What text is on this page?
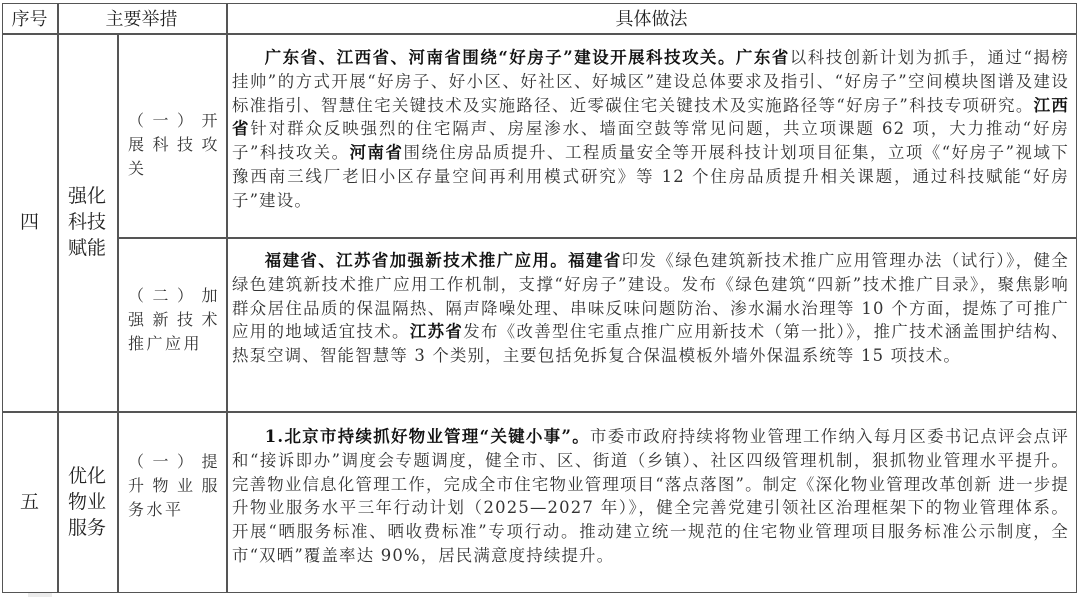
序号	主要举措	具体做法
四
强化
科技
赋能
（一）开展科技攻关
广东省、江西省、河南省围绕“好房子”建设开展科技攻关。广东省以科技创新计划为抓手，通过“揭榜挂帅”的方式开展“好房子、好小区、好社区、好城区”建设总体要求及指引、“好房子”空间模块图谱及建设标准指引、智慧住宅关键技术及实施路径、近零碳住宅关键技术及实施路径等“好房子”科技专项研究。江西省针对群众反映强烈的住宅隔声、房屋渗水、墙面空鼓等常见问题，共立项课题 62 项，大力推动“好房子”科技攻关。河南省围绕住房品质提升、工程质量安全等开展科技计划项目征集，立项《“好房子”视域下豫西南三线厂老旧小区存量空间再利用模式研究》等 12 个住房品质提升相关课题，通过科技赋能“好房子”建设。
（二）加强新技术推广应用
福建省、江苏省加强新技术推广应用。福建省印发《绿色建筑新技术推广应用管理办法（试行）》，健全绿色建筑新技术推广应用工作机制，支撑“好房子”建设。发布《绿色建筑“四新”技术推广目录》，聚焦影响群众居住品质的保温隔热、隔声降噪处理、串味反味问题防治、渗水漏水治理等 10 个方面，提炼了可推广应用的地域适宜技术。江苏省发布《改善型住宅重点推广应用新技术（第一批）》，推广技术涵盖围护结构、热泵空调、智能智慧等 3 个类别，主要包括免拆复合保温模板外墙外保温系统等 15 项技术。
五
优化
物业
服务
（一）提升物业服务水平
1.北京市持续抓好物业管理“关键小事”。市委市政府持续将物业管理工作纳入每月区委书记点评会点评和“接诉即办”调度会专题调度，健全市、区、街道（乡镇）、社区四级管理机制，狠抓物业管理水平提升。完善物业信息化管理工作，完成全市住宅物业管理项目“落点落图”。制定《深化物业管理改革创新 进一步提升物业服务水平三年行动计划（2025—2027 年）》，健全完善党建引领社区治理框架下的物业管理体系。开展“晒服务标准、晒收费标准”专项行动。推动建立统一规范的住宅物业管理项目服务标准公示制度，全市“双晒”覆盖率达 90%，居民满意度持续提升。
